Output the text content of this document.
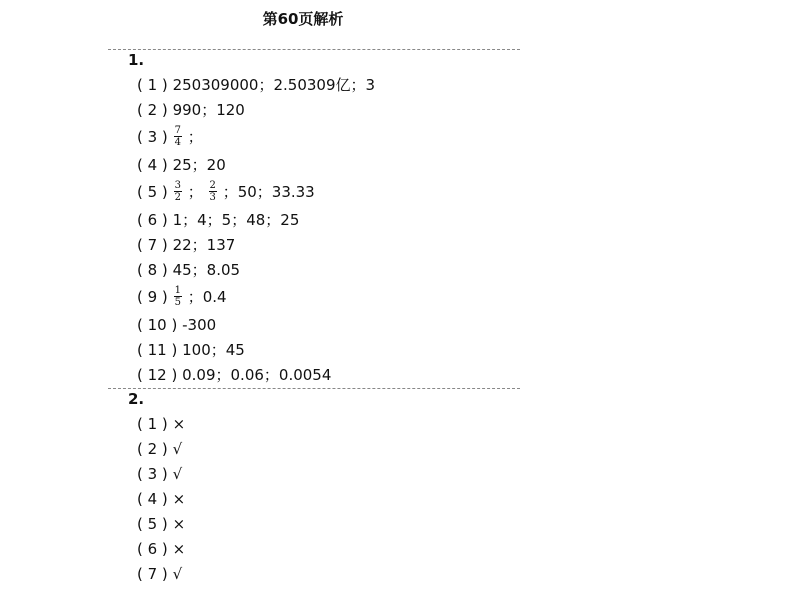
第60页解析
1.
( 1 ) 250309000；2.50309亿；3
( 2 ) 990；120
( 3 ) $\frac{7}{4}$ ；
( 4 ) 25；20
( 5 ) $\frac{3}{2}$ ； $\frac{2}{3}$ ；50；33.33
( 6 ) 1；4；5；48；25
( 7 ) 22；137
( 8 ) 45；8.05
( 9 ) $\frac{1}{5}$ ；0.4
( 10 ) -300
( 11 ) 100；45
( 12 ) 0.09；0.06；0.0054
2.
( 1 ) ×
( 2 ) √
( 3 ) √
( 4 ) ×
( 5 ) ×
( 6 ) ×
( 7 ) √
